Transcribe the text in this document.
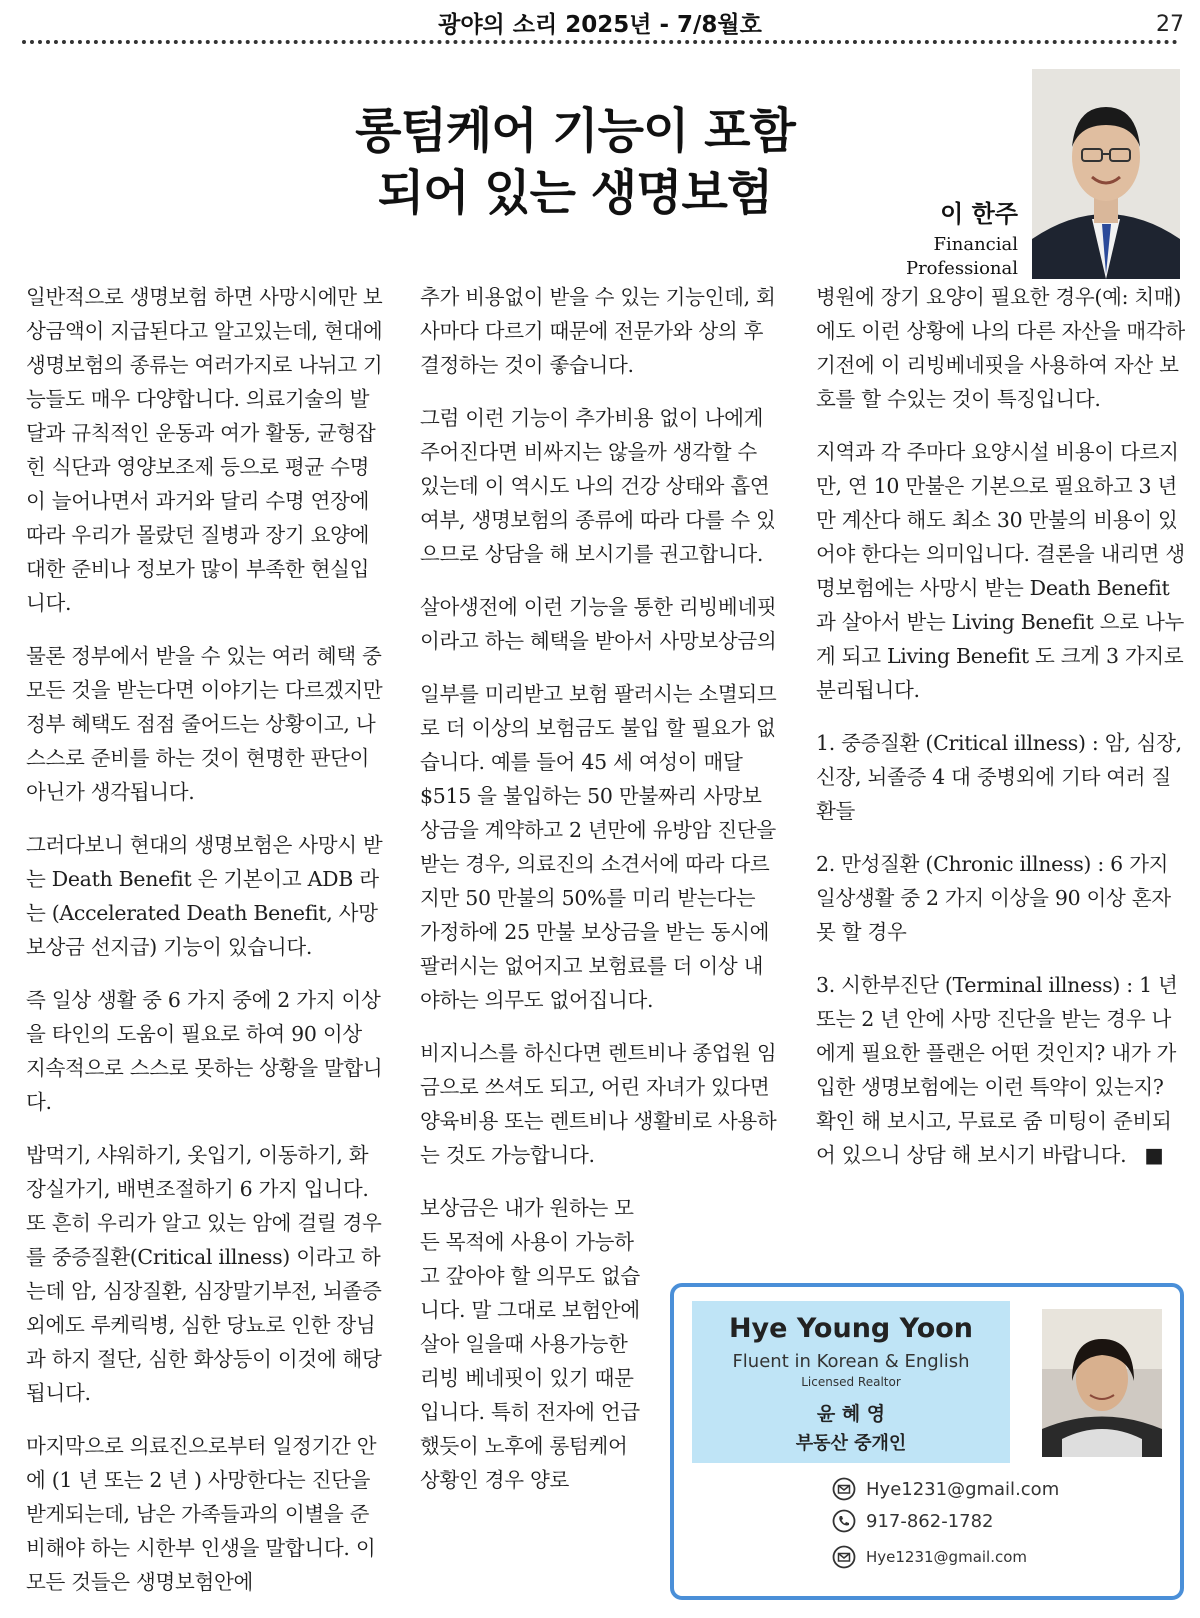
광야의 소리 2025년 - 7/8월호	27
롱텀케어 기능이 포함
되어 있는 생명보험	이 한주
Financial
Professional

일반적으로 생명보험 하면 사망시에만 보상금액이 지급된다고 알고있는데, 현대에 생명보험의 종류는 여러가지로 나뉘고 기능들도 매우 다양합니다. 의료기술의 발달과 규칙적인 운동과 여가 활동, 균형잡힌 식단과 영양보조제 등으로 평균 수명이 늘어나면서 과거와 달리 수명 연장에 따라 우리가 몰랐던 질병과 장기 요양에 대한 준비나 정보가 많이 부족한 현실입니다.

물론 정부에서 받을 수 있는 여러 혜택 중 모든 것을 받는다면 이야기는 다르겠지만 정부 혜택도 점점 줄어드는 상황이고, 나 스스로 준비를 하는 것이 현명한 판단이 아닌가 생각됩니다.

그러다보니 현대의 생명보험은 사망시 받는 Death Benefit 은 기본이고 ADB 라는 (Accelerated Death Benefit, 사망보상금 선지급) 기능이 있습니다.

즉 일상 생활 중 6 가지 중에 2 가지 이상을 타인의 도움이 필요로 하여 90 이상 지속적으로 스스로 못하는 상황을 말합니다.

밥먹기, 샤워하기, 옷입기, 이동하기, 화장실가기, 배변조절하기 6 가지 입니다. 또 흔히 우리가 알고 있는 암에 걸릴 경우를 중증질환(Critical illness) 이라고 하는데 암, 심장질환, 심장말기부전, 뇌졸증외에도 루케릭병, 심한 당뇨로 인한 장님과 하지 절단, 심한 화상등이 이것에 해당됩니다.

마지막으로 의료진으로부터 일정기간 안에 (1 년 또는 2 년 ) 사망한다는 진단을 받게되는데, 남은 가족들과의 이별을 준비해야 하는 시한부 인생을 말합니다. 이 모든 것들은 생명보험안에

추가 비용없이 받을 수 있는 기능인데, 회사마다 다르기 때문에 전문가와 상의 후 결정하는 것이 좋습니다.

그럼 이런 기능이 추가비용 없이 나에게 주어진다면 비싸지는 않을까 생각할 수 있는데 이 역시도 나의 건강 상태와 흡연 여부, 생명보험의 종류에 따라 다를 수 있으므로 상담을 해 보시기를 권고합니다.

살아생전에 이런 기능을 통한 리빙베네핏이라고 하는 혜택을 받아서 사망보상금의

일부를 미리받고 보험 팔러시는 소멸되므로 더 이상의 보험금도 불입 할 필요가 없습니다. 예를 들어 45 세 여성이 매달 $515 을 불입하는 50 만불짜리 사망보상금을 계약하고 2 년만에 유방암 진단을 받는 경우, 의료진의 소견서에 따라 다르지만 50 만불의 50%를 미리 받는다는 가정하에 25 만불 보상금을 받는 동시에 팔러시는 없어지고 보험료를 더 이상 내야하는 의무도 없어집니다.

비지니스를 하신다면 렌트비나 종업원 임금으로 쓰셔도 되고, 어린 자녀가 있다면 양육비용 또는 렌트비나 생활비로 사용하는 것도 가능합니다.

보상금은 내가 원하는 모든 목적에 사용이 가능하고 갚아야 할 의무도 없습니다. 말 그대로 보험안에 살아 일을때 사용가능한 리빙 베네핏이 있기 때문입니다. 특히 전자에 언급했듯이 노후에 롱텀케어 상황인 경우 양로

병원에 장기 요양이 필요한 경우(예: 치매)에도 이런 상황에 나의 다른 자산을 매각하기전에 이 리빙베네핏을 사용하여 자산 보호를 할 수있는 것이 특징입니다.

지역과 각 주마다 요양시설 비용이 다르지만, 연 10 만불은 기본으로 필요하고 3 년만 계산다 해도 최소 30 만불의 비용이 있어야 한다는 의미입니다. 결론을 내리면 생명보험에는 사망시 받는 Death Benefit 과 살아서 받는 Living Benefit 으로 나누게 되고 Living Benefit 도 크게 3 가지로 분리됩니다.

1. 중증질환 (Critical illness) : 암, 심장, 신장, 뇌졸증 4 대 중병외에 기타 여러 질환들

2. 만성질환 (Chronic illness) : 6 가지 일상생활 중 2 가지 이상을 90 이상 혼자 못 할 경우

3. 시한부진단 (Terminal illness) : 1 년 또는 2 년 안에 사망 진단을 받는 경우 나에게 필요한 플랜은 어떤 것인지? 내가 가입한 생명보험에는 이런 특약이 있는지? 확인 해 보시고, 무료로 줌 미팅이 준비되어 있으니 상담 해 보시기 바랍니다. ■

Hye Young Yoon
Fluent in Korean & English
Licensed Realtor
윤 혜 영
부동산 중개인
Hye1231@gmail.com
917-862-1782
Hye1231@gmail.com
